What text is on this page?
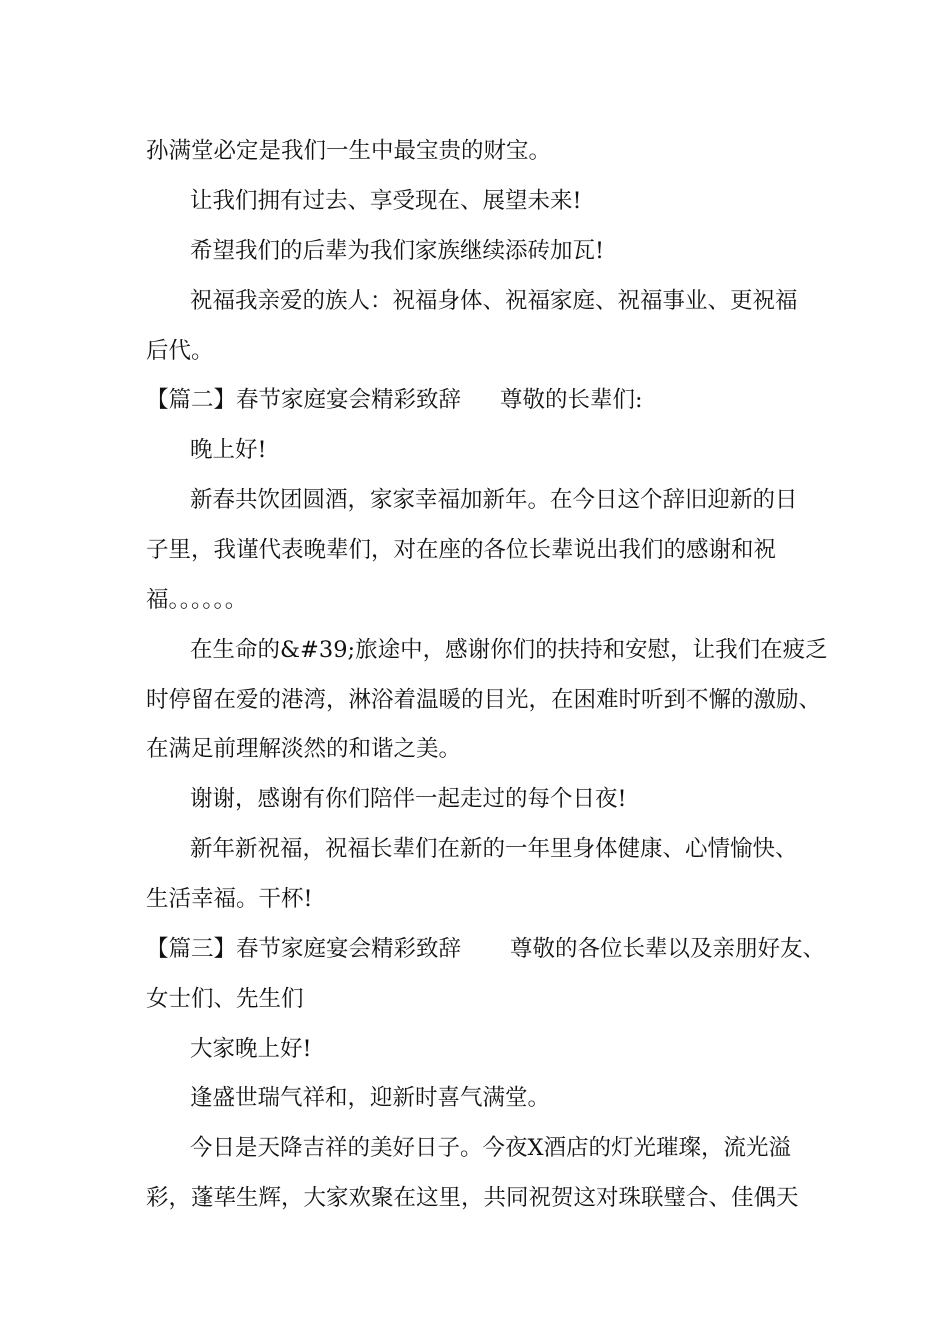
孙满堂必定是我们一生中最宝贵的财宝。

让我们拥有过去、享受现在、展望未来!

希望我们的后辈为我们家族继续添砖加瓦!

祝福我亲爱的族人：祝福身体、祝福家庭、祝福事业、更祝福

后代。

【篇二】春节家庭宴会精彩致辞

尊敬的长辈们:

晚上好!

新春共饮团圆酒，家家幸福加新年。在今日这个辞旧迎新的日

子里，我谨代表晚辈们，对在座的各位长辈说出我们的感谢和祝

福。。。。。。

在生命的&#39;旅途中，感谢你们的扶持和安慰，让我们在疲乏

时停留在爱的港湾，淋浴着温暖的目光，在困难时听到不懈的激励、

在满足前理解淡然的和谐之美。

谢谢，感谢有你们陪伴一起走过的每个日夜!

新年新祝福，祝福长辈们在新的一年里身体健康、心情愉快、

生活幸福。干杯!

【篇三】春节家庭宴会精彩致辞

尊敬的各位长辈以及亲朋好友、

女士们、先生们

大家晚上好!

逢盛世瑞气祥和，迎新时喜气满堂。

今日是天降吉祥的美好日子。今夜X酒店的灯光璀璨，流光溢

彩，蓬荜生辉，大家欢聚在这里，共同祝贺这对珠联璧合、佳偶天
